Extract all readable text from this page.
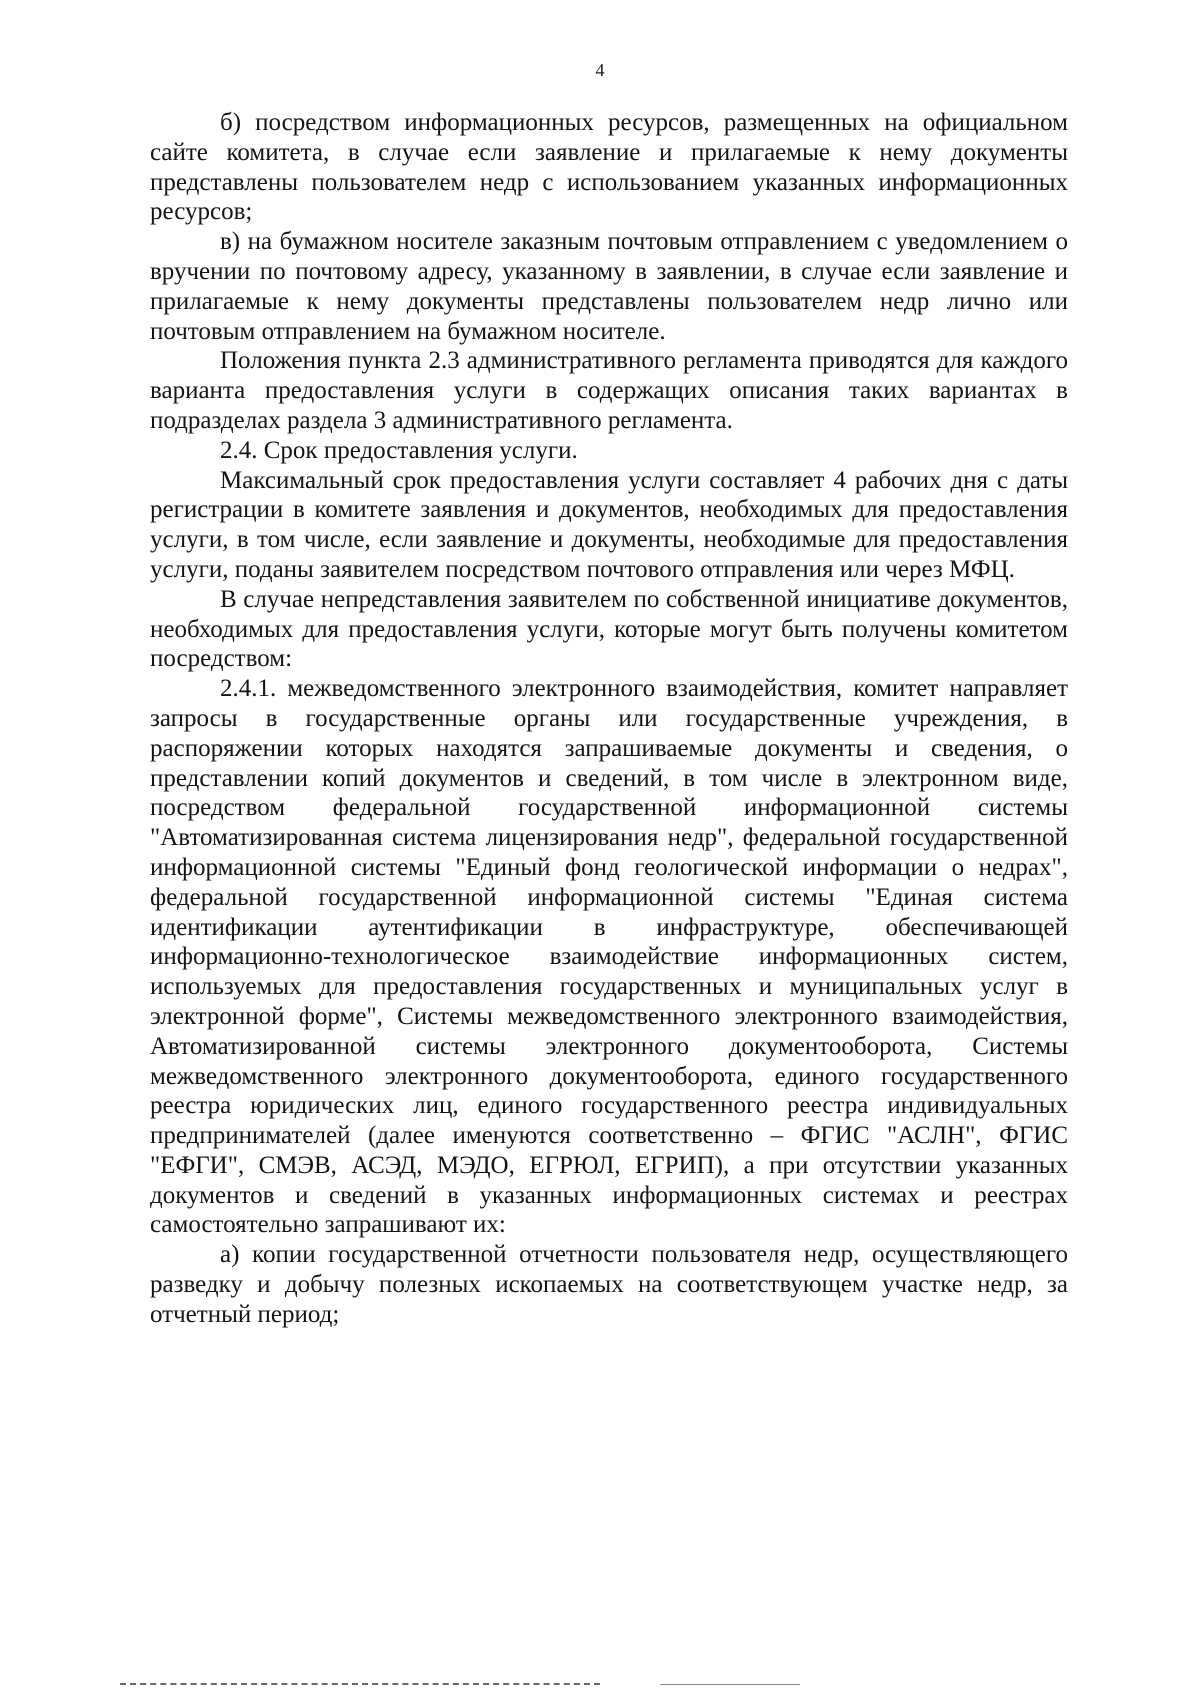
4

б) посредством информационных ресурсов, размещенных на официальном сайте комитета, в случае если заявление и прилагаемые к нему документы представлены пользователем недр с использованием указанных информационных ресурсов;

в) на бумажном носителе заказным почтовым отправлением с уведомлением о вручении по почтовому адресу, указанному в заявлении, в случае если заявление и прилагаемые к нему документы представлены пользователем недр лично или почтовым отправлением на бумажном носителе.

Положения пункта 2.3 административного регламента приводятся для каждого варианта предоставления услуги в содержащих описания таких вариантах в подразделах раздела 3 административного регламента.

2.4. Срок предоставления услуги.

Максимальный срок предоставления услуги составляет 4 рабочих дня с даты регистрации в комитете заявления и документов, необходимых для предоставления услуги, в том числе, если заявление и документы, необходимые для предоставления услуги, поданы заявителем посредством почтового отправления или через МФЦ.

В случае непредставления заявителем по собственной инициативе документов, необходимых для предоставления услуги, которые могут быть получены комитетом посредством:

2.4.1. межведомственного электронного взаимодействия, комитет направляет запросы в государственные органы или государственные учреждения, в распоряжении которых находятся запрашиваемые документы и сведения, о представлении копий документов и сведений, в том числе в электронном виде, посредством федеральной государственной информационной системы "Автоматизированная система лицензирования недр", федеральной государственной информационной системы "Единый фонд геологической информации о недрах", федеральной государственной информационной системы "Единая система идентификации аутентификации в инфраструктуре, обеспечивающей информационно-технологическое взаимодействие информационных систем, используемых для предоставления государственных и муниципальных услуг в электронной форме", Системы межведомственного электронного взаимодействия, Автоматизированной системы электронного документооборота, Системы межведомственного электронного документооборота, единого государственного реестра юридических лиц, единого государственного реестра индивидуальных предпринимателей (далее именуются соответственно – ФГИС "АСЛН", ФГИС "ЕФГИ", СМЭВ, АСЭД, МЭДО, ЕГРЮЛ, ЕГРИП), а при отсутствии указанных документов и сведений в указанных информационных системах и реестрах самостоятельно запрашивают их:

а) копии государственной отчетности пользователя недр, осуществляющего разведку и добычу полезных ископаемых на соответствующем участке недр, за отчетный период;
